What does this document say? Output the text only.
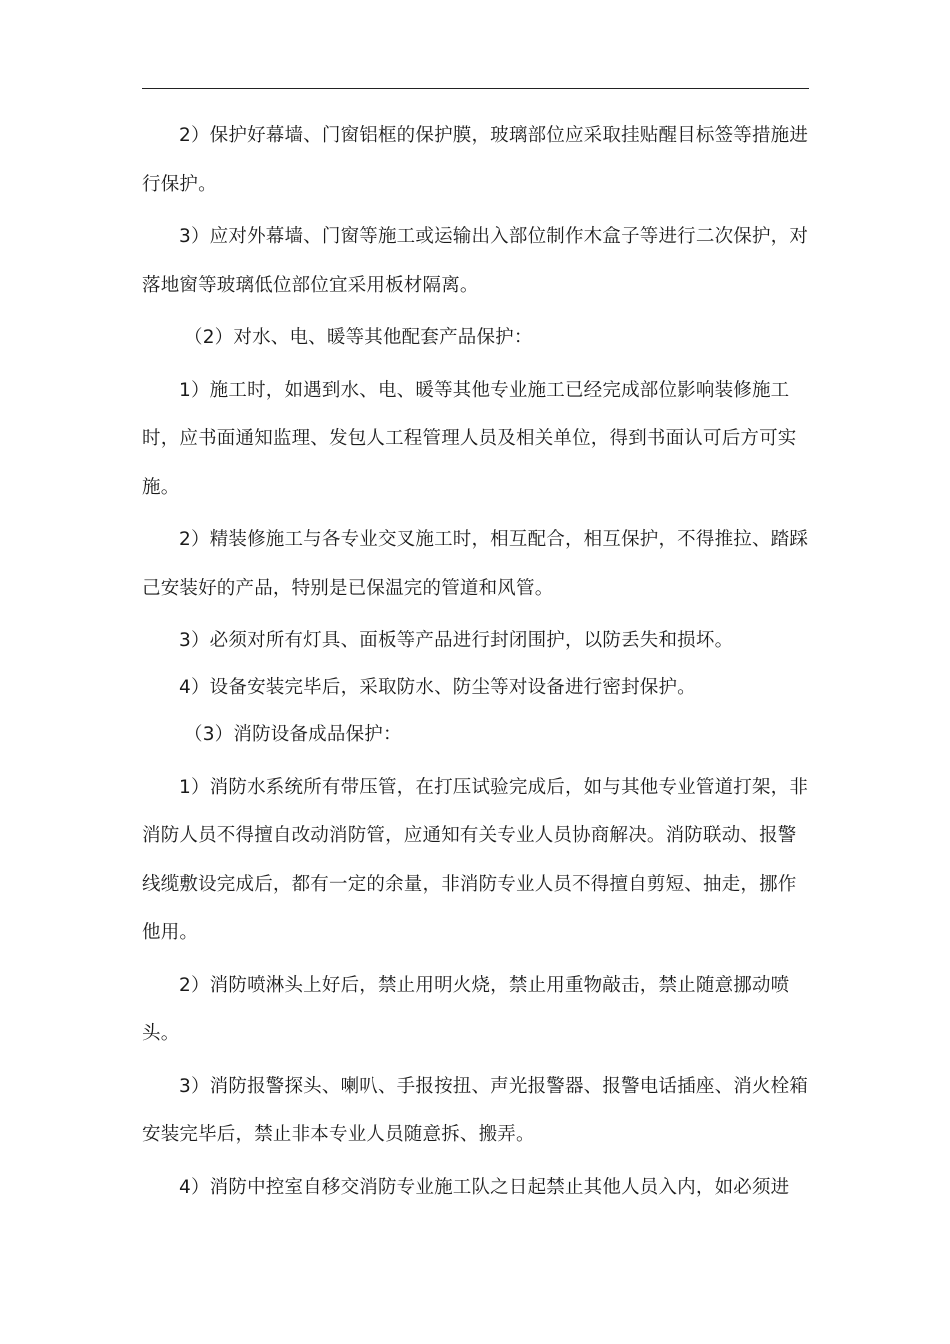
2）保护好幕墙、门窗铝框的保护膜，玻璃部位应采取挂贴醒目标签等措施进行保护。

3）应对外幕墙、门窗等施工或运输出入部位制作木盒子等进行二次保护，对落地窗等玻璃低位部位宜采用板材隔离。

（2）对水、电、暖等其他配套产品保护：

1）施工时，如遇到水、电、暖等其他专业施工已经完成部位影响装修施工时，应书面通知监理、发包人工程管理人员及相关单位，得到书面认可后方可实施。

2）精装修施工与各专业交叉施工时，相互配合，相互保护，不得推拉、踏踩己安装好的产品，特别是已保温完的管道和风管。

3）必须对所有灯具、面板等产品进行封闭围护，以防丢失和损坏。

4）设备安装完毕后，采取防水、防尘等对设备进行密封保护。

（3）消防设备成品保护：

1）消防水系统所有带压管，在打压试验完成后，如与其他专业管道打架，非消防人员不得擅自改动消防管，应通知有关专业人员协商解决。消防联动、报警线缆敷设完成后，都有一定的余量，非消防专业人员不得擅自剪短、抽走，挪作他用。

2）消防喷淋头上好后，禁止用明火烧，禁止用重物敲击，禁止随意挪动喷头。

3）消防报警探头、喇叭、手报按扭、声光报警器、报警电话插座、消火栓箱安装完毕后，禁止非本专业人员随意拆、搬弄。

4）消防中控室自移交消防专业施工队之日起禁止其他人员入内，如必须进
